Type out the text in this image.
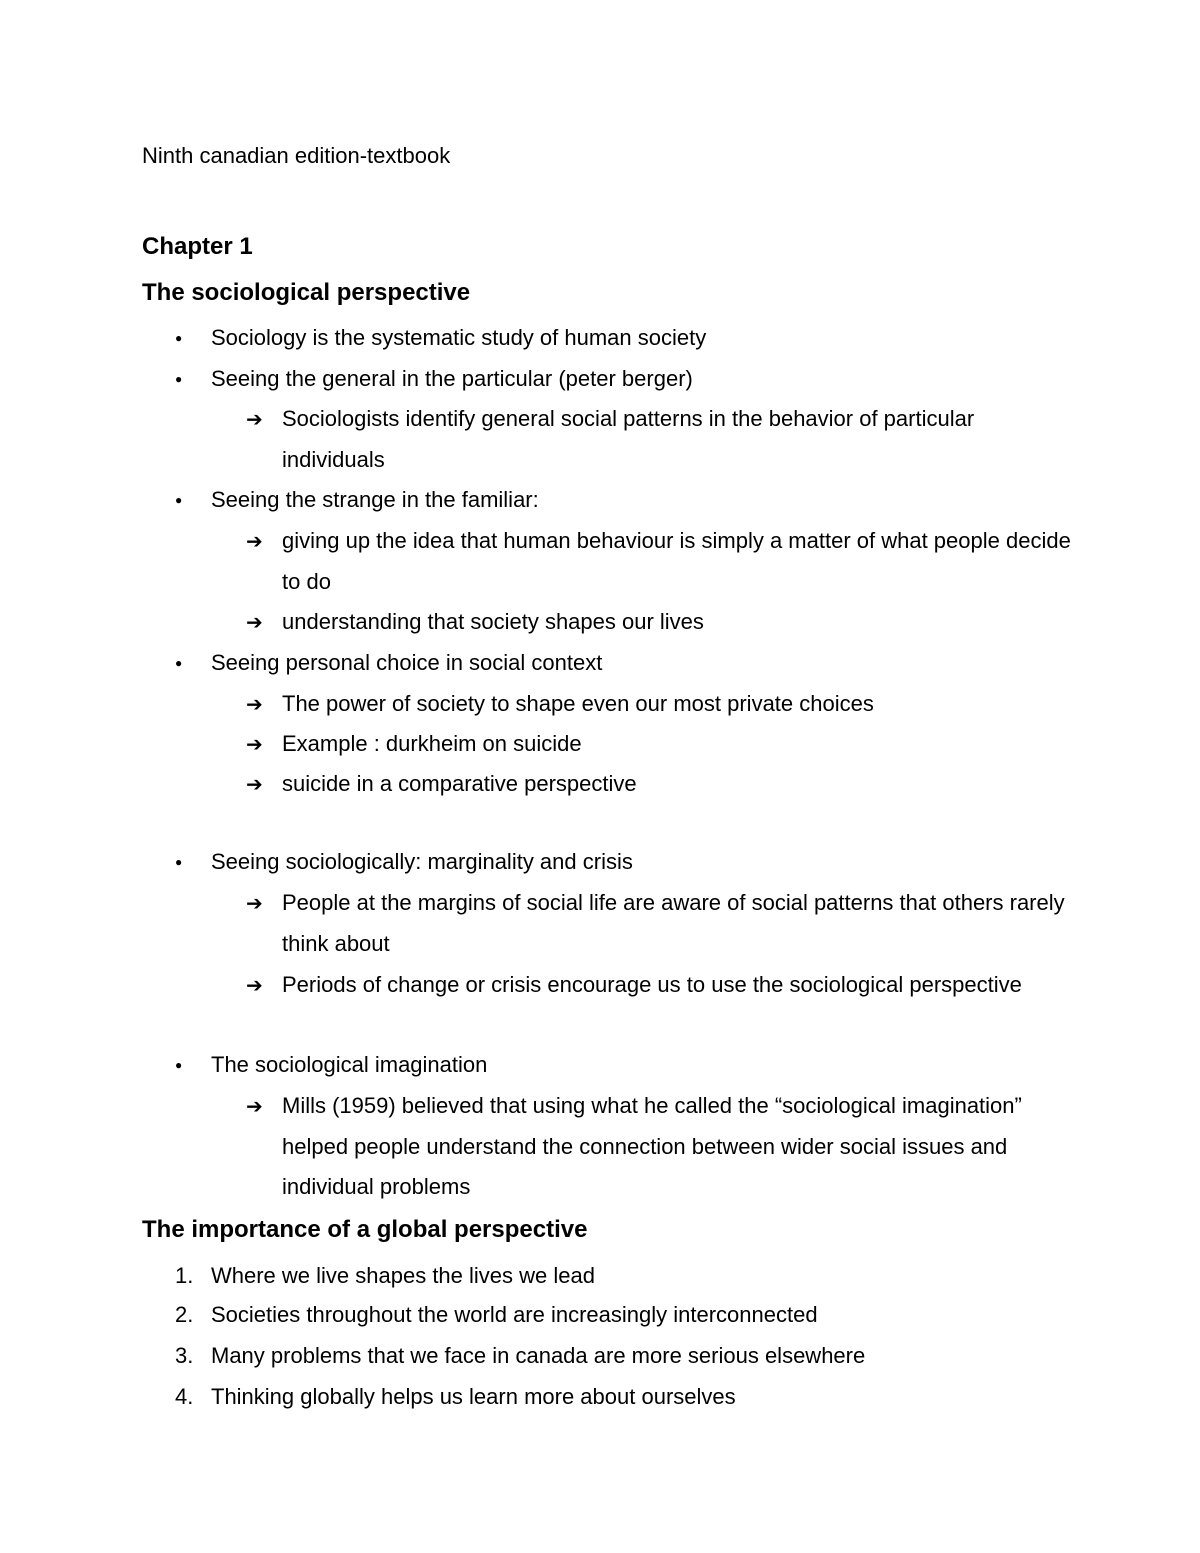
Ninth canadian edition-textbook
Chapter 1
The sociological perspective
● Sociology is the systematic study of human society
● Seeing the general in the particular (peter berger)
➔ Sociologists identify general social patterns in the behavior of particular individuals
● Seeing the strange in the familiar:
➔ giving up the idea that human behaviour is simply a matter of what people decide to do
➔ understanding that society shapes our lives
● Seeing personal choice in social context
➔ The power of society to shape even our most private choices
➔ Example : durkheim on suicide
➔ suicide in a comparative perspective
● Seeing sociologically: marginality and crisis
➔ People at the margins of social life are aware of social patterns that others rarely think about
➔ Periods of change or crisis encourage us to use the sociological perspective
● The sociological imagination
➔ Mills (1959) believed that using what he called the “sociological imagination” helped people understand the connection between wider social issues and individual problems
The importance of a global perspective
1. Where we live shapes the lives we lead
2. Societies throughout the world are increasingly interconnected
3. Many problems that we face in canada are more serious elsewhere
4. Thinking globally helps us learn more about ourselves
